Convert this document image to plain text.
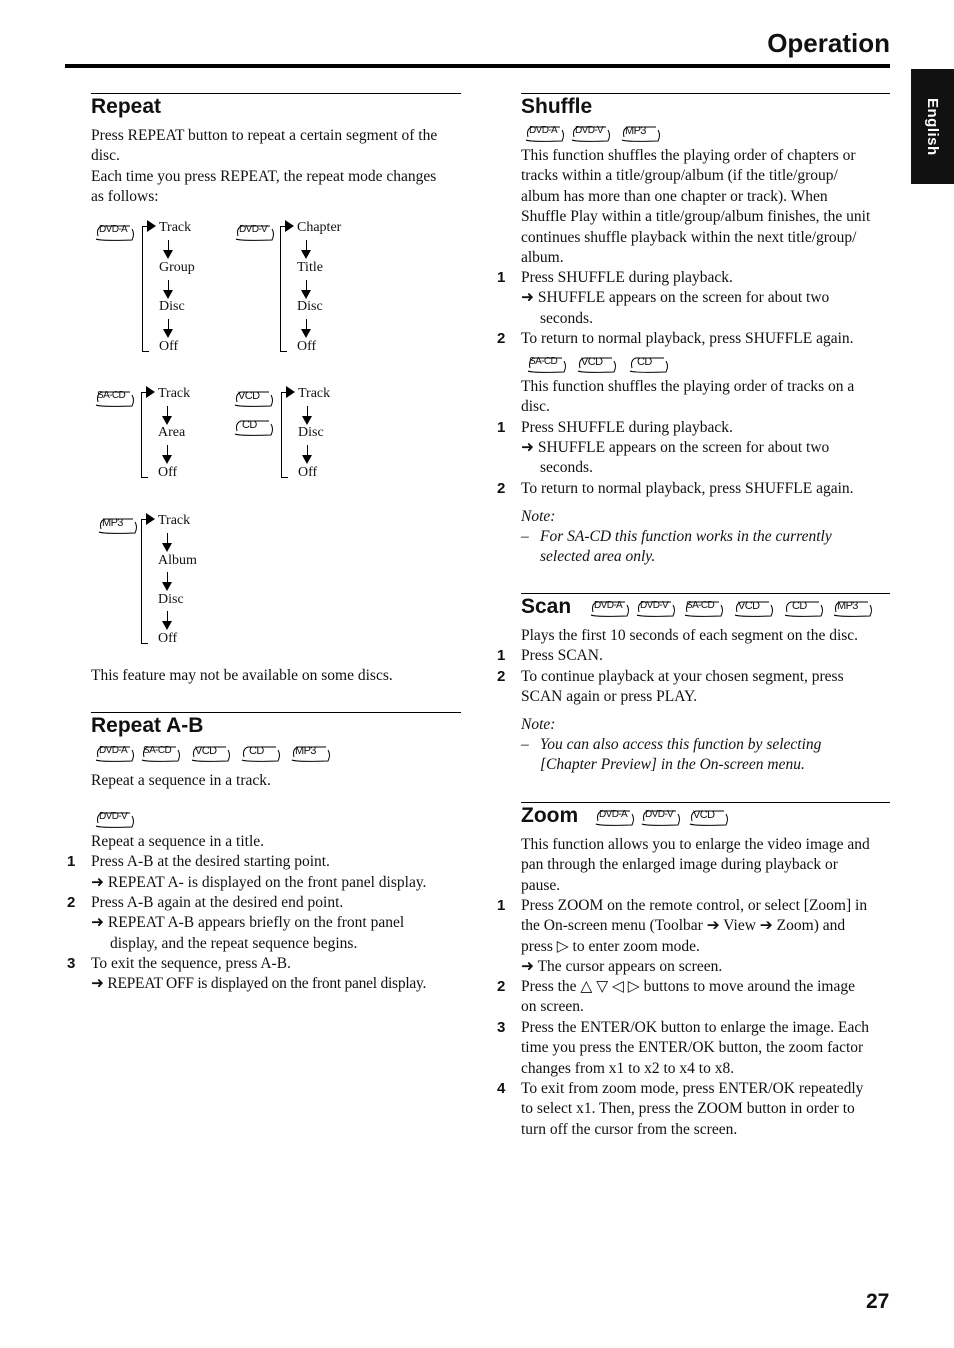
Operation
English
Repeat

Press REPEAT button to repeat a certain segment of the

disc.

Each time you press REPEAT, the repeat mode changes

as follows:

DVD-A	DVD-V
SA-CD	VCD
CD
MP3
Track
Group
Disc
Off
Chapter
Title
Disc
Off
Track
Area
Off
Track
Disc
Off
Track
Album
Disc
Off
This feature may not be available on some discs.
Repeat A-B
DVD-A SA-CD VCD	CD	MP3
Repeat a sequence in a track.
DVD-V
Repeat a sequence in a title.
1 Press A-B at the desired starting point.
➜ REPEAT A- is displayed on the front panel display.
2 Press A-B again at the desired end point.
➜ REPEAT A-B appears briefly on the front panel
display, and the repeat sequence begins.
3 To exit the sequence, press A-B.
➜ REPEAT OFF is displayed on the front panel display.
Shuffle
DVD-A DVD-V MP3

This function shuffles the playing order of chapters or

tracks within a title/group/album (if the title/group/

album has more than one chapter or track). When

Shuffle Play within a title/group/album finishes, the unit

continues shuffle playback within the next title/group/

album.

1 Press SHUFFLE during playback.
➜ SHUFFLE appears on the screen for about two
seconds.
2 To return to normal playback, press SHUFFLE again.
SA-CD VCD	CD

This function shuffles the playing order of tracks on a

disc.

1 Press SHUFFLE during playback.
➜ SHUFFLE appears on the screen for about two
seconds.
2 To return to normal playback, press SHUFFLE again.
Note:
– For SA-CD this function works in the currently

selected area only.

Scan DVD-A DVD-V SA-CD VCD	CD	MP3
Plays the first 10 seconds of each segment on the disc.
1 Press SCAN.
2 To continue playback at your chosen segment, press
SCAN again or press PLAY.
Note:
– You can also access this function by selecting

[Chapter Preview] in the On-screen menu.

Zoom DVD-A DVD-V VCD

This function allows you to enlarge the video image and

pan through the enlarged image during playback or

pause.

1 Press ZOOM on the remote control, or select [Zoom] in

the On-screen menu (Toolbar ➔ View ➔ Zoom) and

press ▷ to enter zoom mode.

➜ The cursor appears on screen.

2 Press the △ ▽ ◁ ▷ buttons to move around the image

on screen.

3 Press the ENTER/OK button to enlarge the image. Each

time you press the ENTER/OK button, the zoom factor

changes from x1 to x2 to x4 to x8.

4 To exit from zoom mode, press ENTER/OK repeatedly

to select x1. Then, press the ZOOM button in order to

turn off the cursor from the screen.

27
